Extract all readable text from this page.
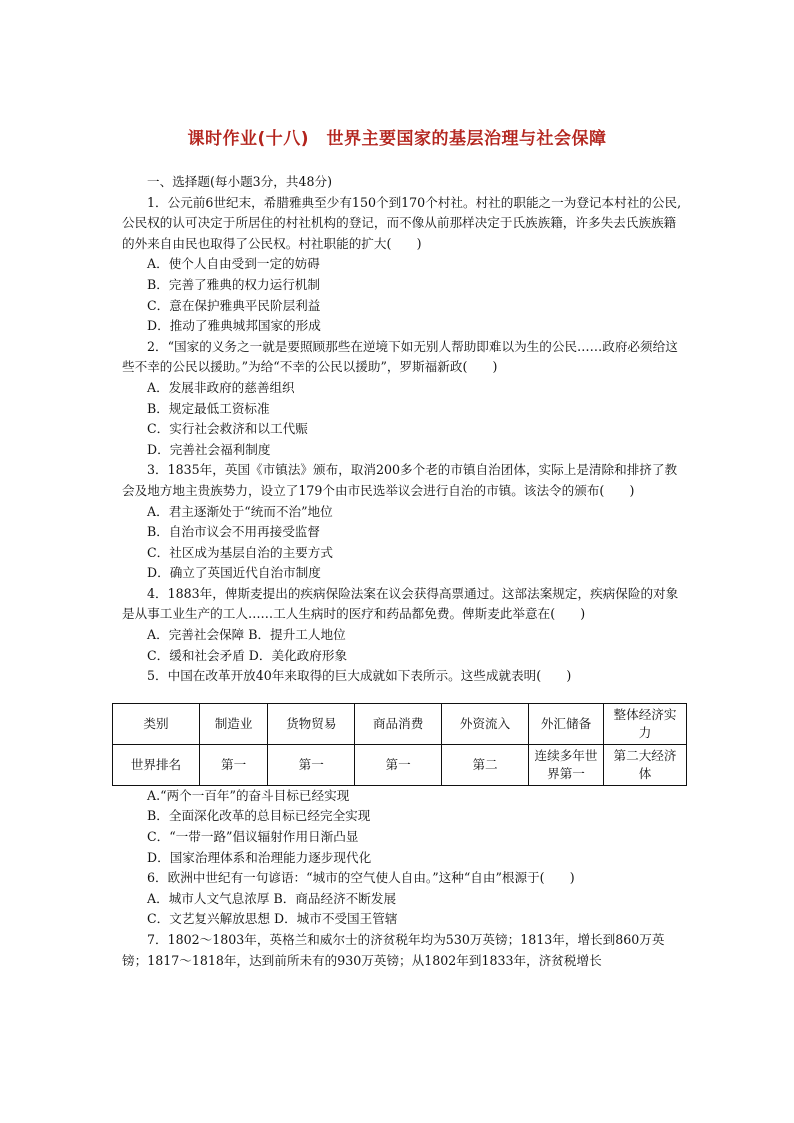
课时作业(十八)　世界主要国家的基层治理与社会保障

一、选择题(每小题3分，共48分)

1．公元前6世纪末，希腊雅典至少有150个到170个村社。村社的职能之一为登记本村社的公民,公民权的认可决定于所居住的村社机构的登记，而不像从前那样决定于氏族族籍，许多失去氏族族籍的外来自由民也取得了公民权。村社职能的扩大(　　)

A．使个人自由受到一定的妨碍

B．完善了雅典的权力运行机制

C．意在保护雅典平民阶层利益

D．推动了雅典城邦国家的形成

2．“国家的义务之一就是要照顾那些在逆境下如无别人帮助即难以为生的公民……政府必须给这些不幸的公民以援助。”为给“不幸的公民以援助”，罗斯福新政(　　)

A．发展非政府的慈善组织

B．规定最低工资标准

C．实行社会救济和以工代赈

D．完善社会福利制度

3．1835年，英国《市镇法》颁布，取消200多个老的市镇自治团体，实际上是清除和排挤了教会及地方地主贵族势力，设立了179个由市民选举议会进行自治的市镇。该法令的颁布(　　)

A．君主逐渐处于“统而不治”地位

B．自治市议会不用再接受监督

C．社区成为基层自治的主要方式

D．确立了英国近代自治市制度

4．1883年，俾斯麦提出的疾病保险法案在议会获得高票通过。这部法案规定，疾病保险的对象是从事工业生产的工人……工人生病时的医疗和药品都免费。俾斯麦此举意在(　　)

A．完善社会保障 B．提升工人地位

C．缓和社会矛盾 D．美化政府形象

5．中国在改革开放40年来取得的巨大成就如下表所示。这些成就表明(　　)

类别	制造业	货物贸易	商品消费	外资流入	外汇储备	整体经济实力
世界排名	第一	第一	第一	第二	连续多年世界第一	第二大经济体

A.“两个一百年”的奋斗目标已经实现

B．全面深化改革的总目标已经完全实现

C．“一带一路”倡议辐射作用日渐凸显

D．国家治理体系和治理能力逐步现代化

6．欧洲中世纪有一句谚语：“城市的空气使人自由。”这种“自由”根源于(　　)

A．城市人文气息浓厚 B．商品经济不断发展

C．文艺复兴解放思想 D．城市不受国王管辖

7．1802～1803年，英格兰和威尔士的济贫税年均为530万英镑；1813年，增长到860万英镑；1817～1818年，达到前所未有的930万英镑；从1802年到1833年，济贫税增长
